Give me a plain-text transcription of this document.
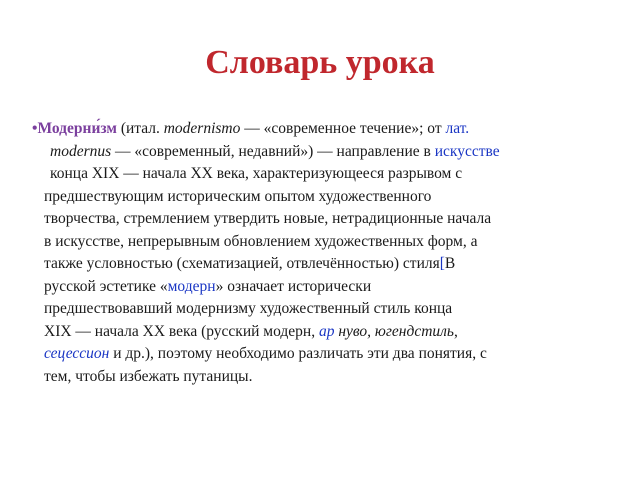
Словарь урока
•Модерни́зм (итал. modernismo — «современное течение»; от лат.
modernus — «современный, недавний») — направление в искусстве
конца XIX — начала XX века, характеризующееся разрывом с
предшествующим историческим опытом художественного
творчества, стремлением утвердить новые, нетрадиционные начала
в искусстве, непрерывным обновлением художественных форм, а
также условностью (схематизацией, отвлечённостью) стиля[В
русской эстетике «модерн» означает исторически
предшествовавший модернизму художественный стиль конца
XIX — начала XX века (русский модерн, ар нуво, югендстиль,
сецессион и др.), поэтому необходимо различать эти два понятия, с
тем, чтобы избежать путаницы.
